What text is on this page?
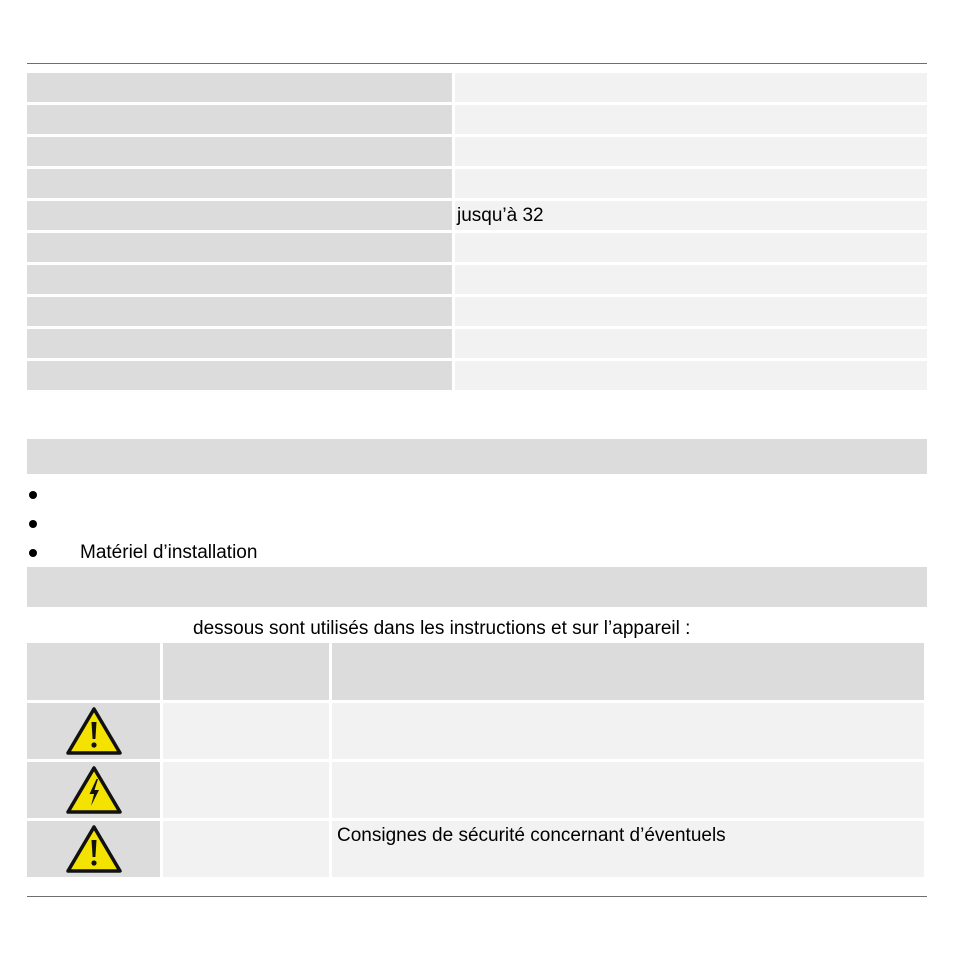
jusqu’à 32
Matériel d’installation
dessous sont utilisés dans les instructions et sur l’appareil :
Consignes de sécurité concernant d’éventuels
